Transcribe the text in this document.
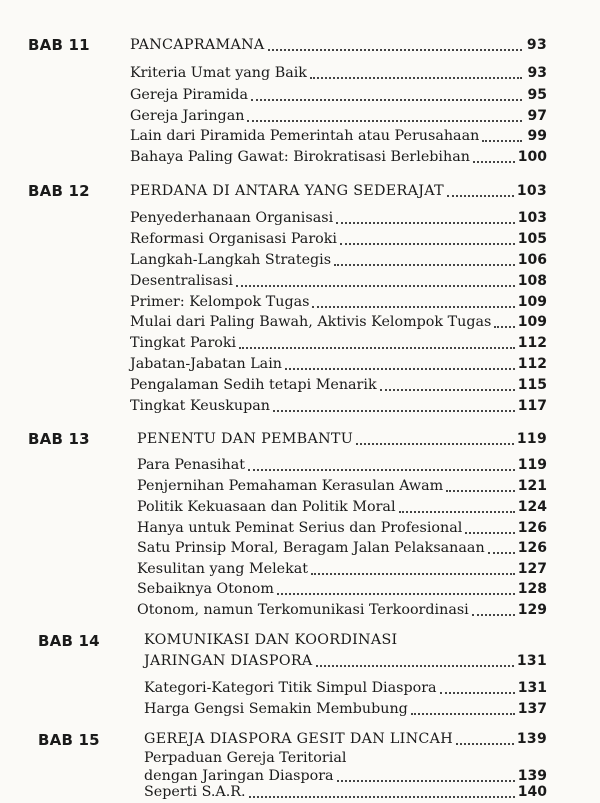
BAB 11	PANCAPRAMANA	93
Kriteria Umat yang Baik	93
Gereja Piramida	95
Gereja Jaringan	97
Lain dari Piramida Pemerintah atau Perusahaan	99
Bahaya Paling Gawat: Birokratisasi Berlebihan	100
BAB 12	PERDANA DI ANTARA YANG SEDERAJAT	103
Penyederhanaan Organisasi	103
Reformasi Organisasi Paroki	105
Langkah-Langkah Strategis	106
Desentralisasi	108
Primer: Kelompok Tugas	109
Mulai dari Paling Bawah, Aktivis Kelompok Tugas 109
Tingkat Paroki	112
Jabatan-Jabatan Lain	112
Pengalaman Sedih tetapi Menarik	115
Tingkat Keuskupan	117
BAB 13	PENENTU DAN PEMBANTU	119
Para Penasihat	119
Penjernihan Pemahaman Kerasulan Awam	121
Politik Kekuasaan dan Politik Moral	124
Hanya untuk Peminat Serius dan Profesional	126
Satu Prinsip Moral, Beragam Jalan Pelaksanaan 126
Kesulitan yang Melekat	127
Sebaiknya Otonom	128
Otonom, namun Terkomunikasi Terkoordinasi	129
BAB 14	KOMUNIKASI DAN KOORDINASI
JARINGAN DIASPORA	131
Kategori-Kategori Titik Simpul Diaspora	131
Harga Gengsi Semakin Membubung	137
BAB 15	GEREJA DIASPORA GESIT DAN LINCAH	139
Perpaduan Gereja Teritorial
dengan Jaringan Diaspora	139
Seperti S.A.R.	140
